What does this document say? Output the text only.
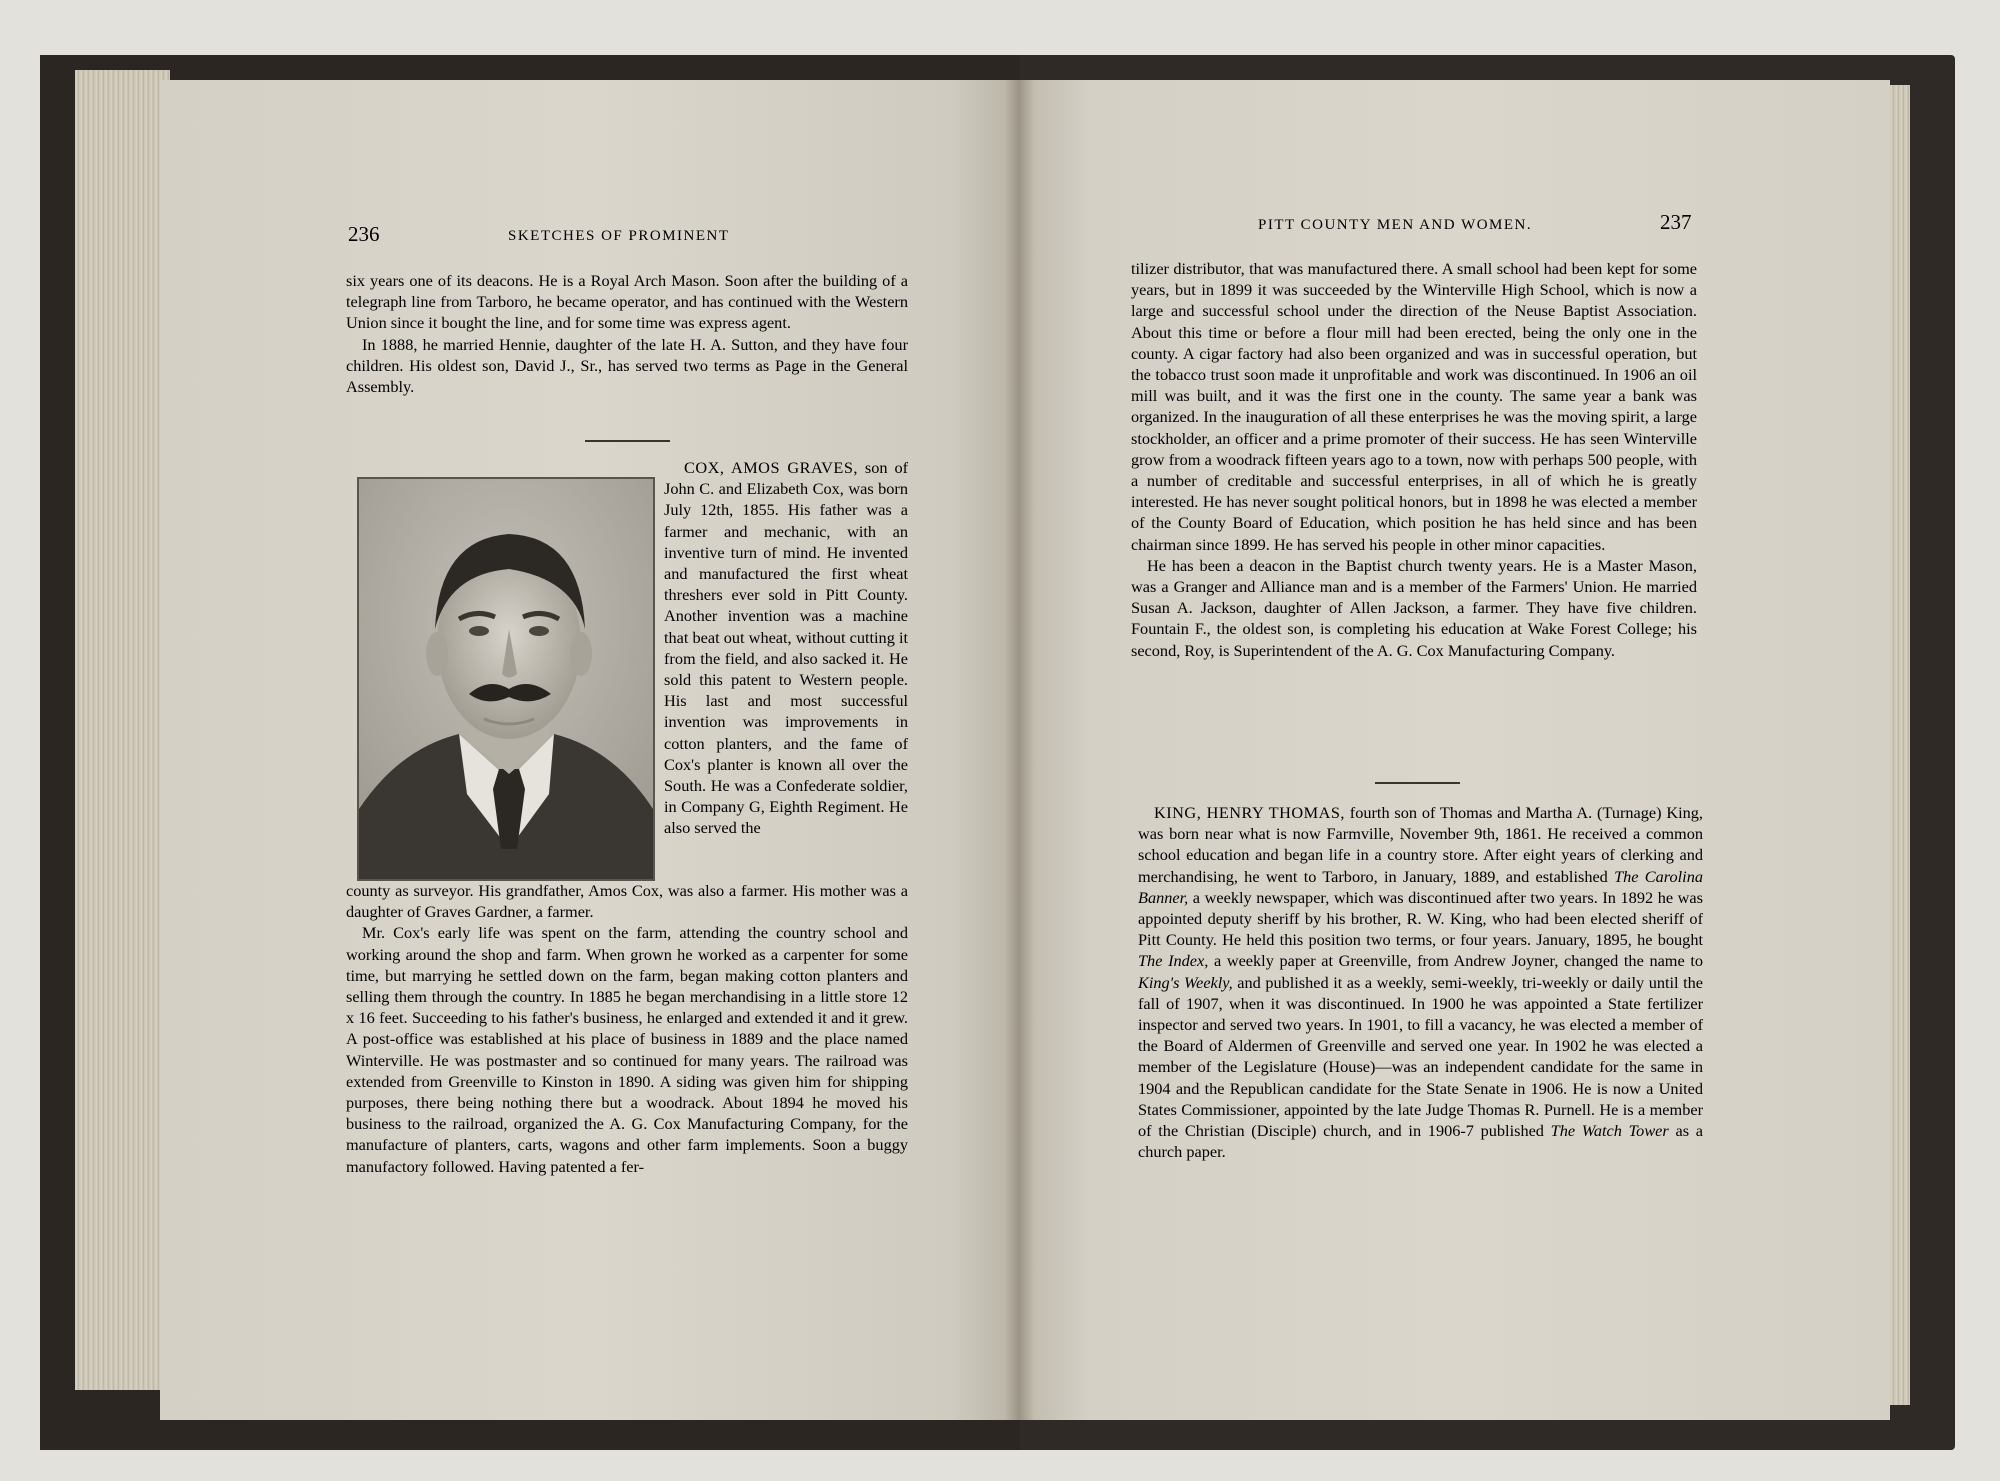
236	SKETCHES OF PROMINENT

six years one of its deacons. He is a Royal Arch Mason. Soon after the building of a telegraph line from Tarboro, he became operator, and has continued with the Western Union since it bought the line, and for some time was express agent.

In 1888, he married Hennie, daughter of the late H. A. Sutton, and they have four children. His oldest son, David J., Sr., has served two terms as Page in the General Assembly.

COX, AMOS GRAVES, son of John C. and Elizabeth Cox, was born July 12th, 1855. His father was a farmer and mechanic, with an inventive turn of mind. He invented and manufactured the first wheat threshers ever sold in Pitt County. Another invention was a machine that beat out wheat, without cutting it from the field, and also sacked it. He sold this patent to Western people. His last and most successful invention was improvements in cotton planters, and the fame of Cox's planter is known all over the South. He was a Confederate soldier, in Company G, Eighth Regiment. He also served the

county as surveyor. His grandfather, Amos Cox, was also a farmer. His mother was a daughter of Graves Gardner, a farmer.

Mr. Cox's early life was spent on the farm, attending the country school and working around the shop and farm. When grown he worked as a carpenter for some time, but marrying he settled down on the farm, began making cotton planters and selling them through the country. In 1885 he began merchandising in a little store 12 x 16 feet. Succeeding to his father's business, he enlarged and extended it and it grew. A post-office was established at his place of business in 1889 and the place named Winterville. He was postmaster and so continued for many years. The railroad was extended from Greenville to Kinston in 1890. A siding was given him for shipping purposes, there being nothing there but a woodrack. About 1894 he moved his business to the railroad, organized the A. G. Cox Manufacturing Company, for the manufacture of planters, carts, wagons and other farm implements. Soon a buggy manufactory followed. Having patented a fer-

PITT COUNTY MEN AND WOMEN.	237

tilizer distributor, that was manufactured there. A small school had been kept for some years, but in 1899 it was succeeded by the Winterville High School, which is now a large and successful school under the direction of the Neuse Baptist Association. About this time or before a flour mill had been erected, being the only one in the county. A cigar factory had also been organized and was in successful operation, but the tobacco trust soon made it unprofitable and work was discontinued. In 1906 an oil mill was built, and it was the first one in the county. The same year a bank was organized. In the inauguration of all these enterprises he was the moving spirit, a large stockholder, an officer and a prime promoter of their success. He has seen Winterville grow from a woodrack fifteen years ago to a town, now with perhaps 500 people, with a number of creditable and successful enterprises, in all of which he is greatly interested. He has never sought political honors, but in 1898 he was elected a member of the County Board of Education, which position he has held since and has been chairman since 1899. He has served his people in other minor capacities.

He has been a deacon in the Baptist church twenty years. He is a Master Mason, was a Granger and Alliance man and is a member of the Farmers' Union. He married Susan A. Jackson, daughter of Allen Jackson, a farmer. They have five children. Fountain F., the oldest son, is completing his education at Wake Forest College; his second, Roy, is Superintendent of the A. G. Cox Manufacturing Company.

KING, HENRY THOMAS, fourth son of Thomas and Martha A. (Turnage) King, was born near what is now Farmville, November 9th, 1861. He received a common school education and began life in a country store. After eight years of clerking and merchandising, he went to Tarboro, in January, 1889, and established The Carolina Banner, a weekly newspaper, which was discontinued after two years. In 1892 he was appointed deputy sheriff by his brother, R. W. King, who had been elected sheriff of Pitt County. He held this position two terms, or four years. January, 1895, he bought The Index, a weekly paper at Greenville, from Andrew Joyner, changed the name to King's Weekly, and published it as a weekly, semi-weekly, tri-weekly or daily until the fall of 1907, when it was discontinued. In 1900 he was appointed a State fertilizer inspector and served two years. In 1901, to fill a vacancy, he was elected a member of the Board of Aldermen of Greenville and served one year. In 1902 he was elected a member of the Legislature (House)—was an independent candidate for the same in 1904 and the Republican candidate for the State Senate in 1906. He is now a United States Commissioner, appointed by the late Judge Thomas R. Purnell. He is a member of the Christian (Disciple) church, and in 1906-7 published The Watch Tower as a church paper.
